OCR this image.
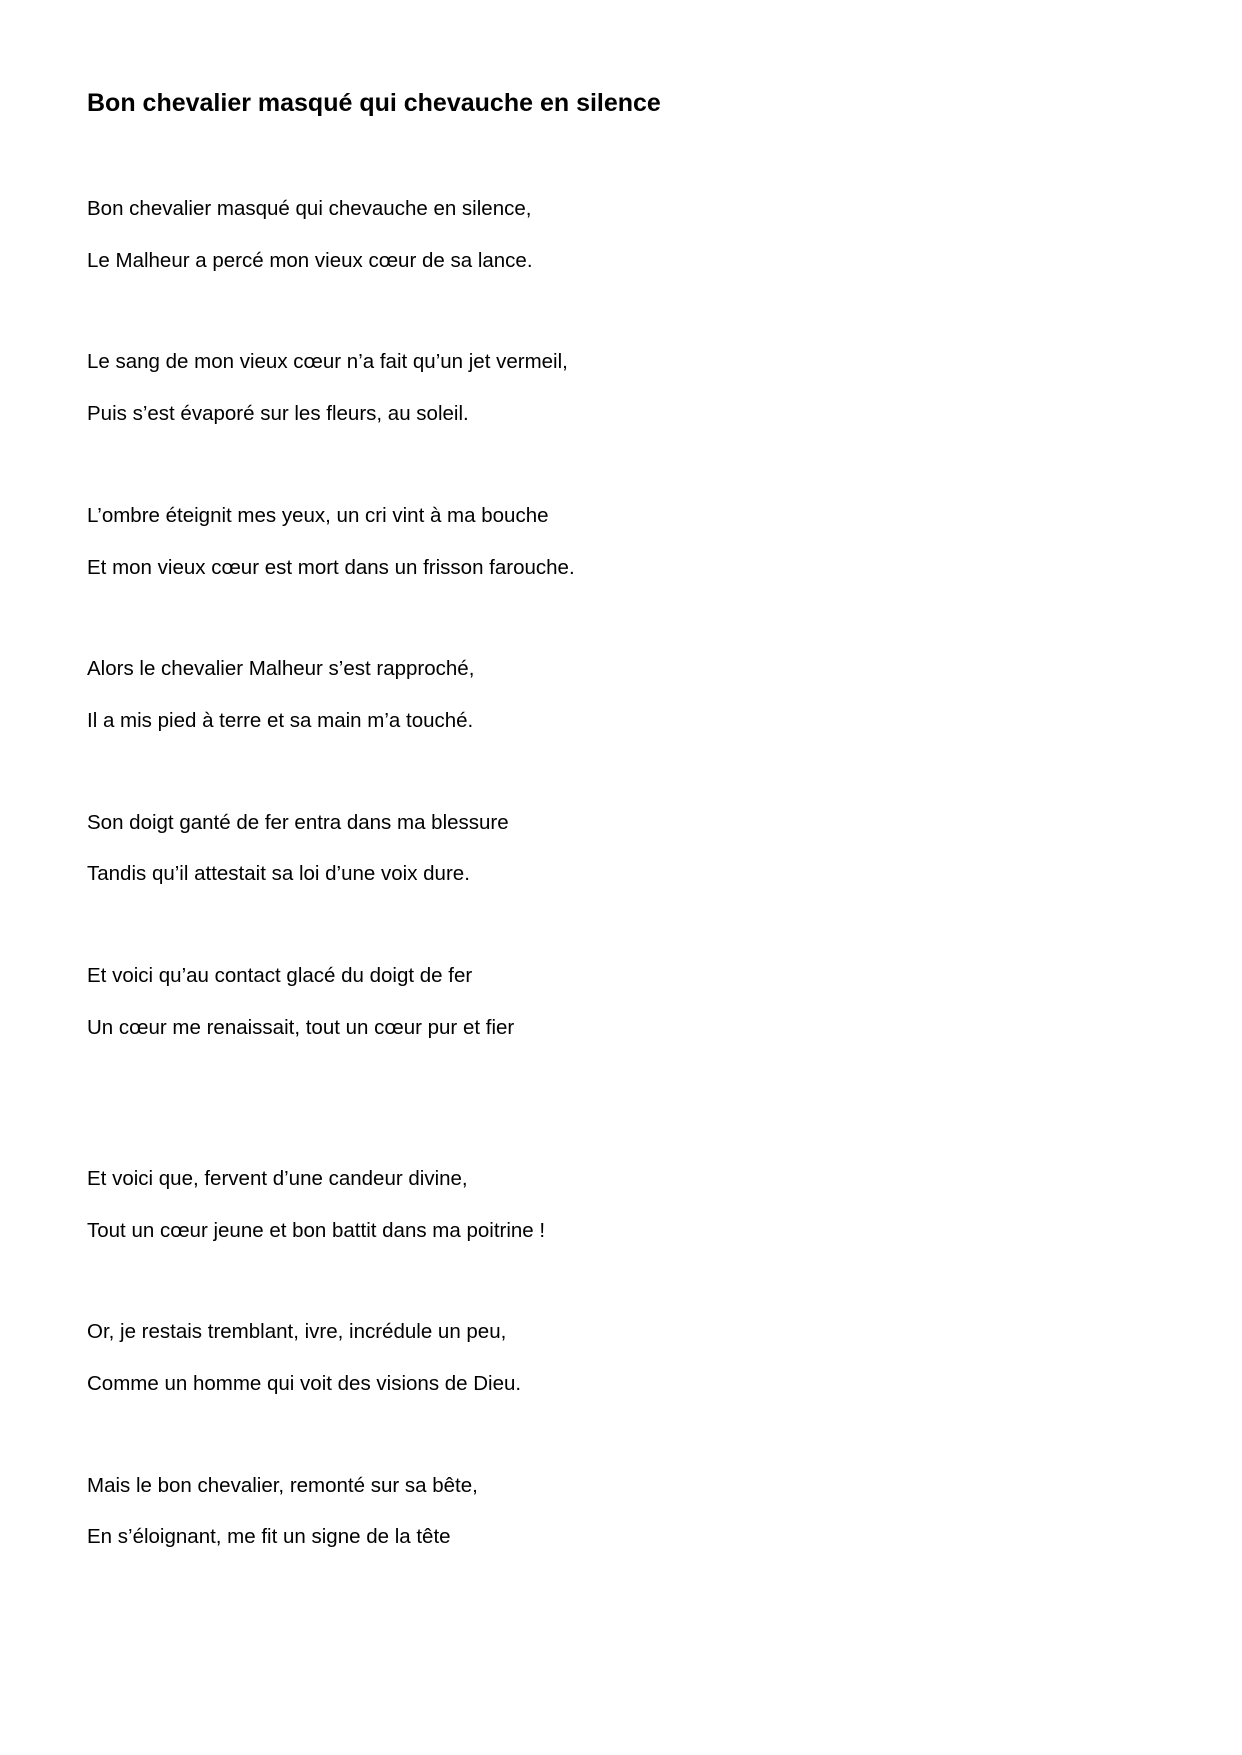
Bon chevalier masqué qui chevauche en silence

Bon chevalier masqué qui chevauche en silence,

Le Malheur a percé mon vieux cœur de sa lance.

Le sang de mon vieux cœur n’a fait qu’un jet vermeil,

Puis s’est évaporé sur les fleurs, au soleil.

L’ombre éteignit mes yeux, un cri vint à ma bouche

Et mon vieux cœur est mort dans un frisson farouche.

Alors le chevalier Malheur s’est rapproché,

Il a mis pied à terre et sa main m’a touché.

Son doigt ganté de fer entra dans ma blessure

Tandis qu’il attestait sa loi d’une voix dure.

Et voici qu’au contact glacé du doigt de fer

Un cœur me renaissait, tout un cœur pur et fier

Et voici que, fervent d’une candeur divine,

Tout un cœur jeune et bon battit dans ma poitrine !

Or, je restais tremblant, ivre, incrédule un peu,

Comme un homme qui voit des visions de Dieu.

Mais le bon chevalier, remonté sur sa bête,

En s’éloignant, me fit un signe de la tête
